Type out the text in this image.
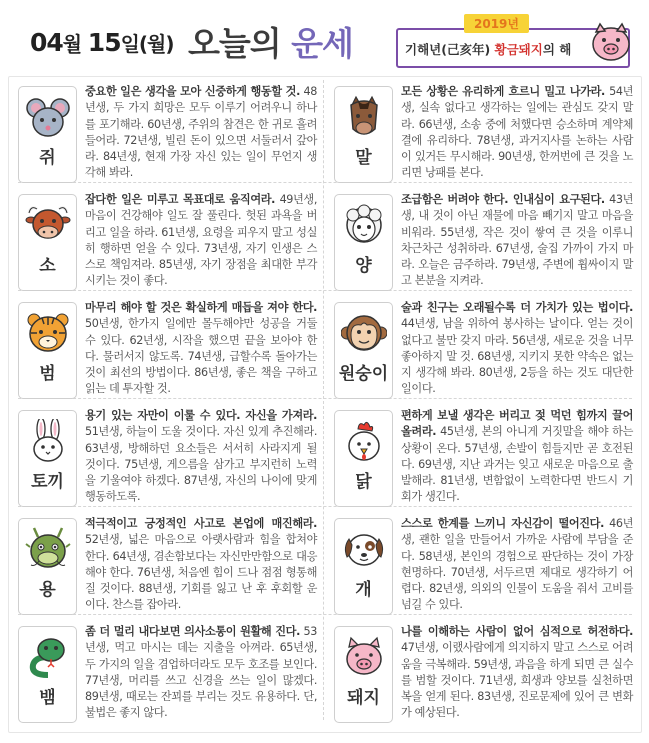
04월 15일(월) 오늘의 운세	2019년
기해년(己亥年) 황금돼지의 해
쥐
중요한 일은 생각을 모아 신중하게 행동할 것. 48년생, 두 가지 희망은 모두 이루기 어려우니 하나를 포기해라. 60년생, 주위의 참견은 한 귀로 흘려 들어라. 72년생, 빌린 돈이 있으면 서둘러서 갚아라. 84년생, 현재 가장 자신 있는 일이 무언지 생각해 봐라.
말
모든 상황은 유리하게 흐르니 밀고 나가라. 54년생, 실속 없다고 생각하는 일에는 관심도 갖지 말라. 66년생, 소송 중에 처했다면 승소하며 계약체결에 유리하다. 78년생, 과거지사를 논하는 사람이 있거든 무시해라. 90년생, 한꺼번에 큰 것을 노리면 낭패를 본다.
소
잡다한 일은 미루고 목표대로 움직여라. 49년생, 마음이 건강해야 일도 잘 풀린다. 헛된 과욕을 버리고 일을 하라. 61년생, 요령을 피우지 말고 성실히 행하면 얻을 수 있다. 73년생, 자기 인생은 스스로 책임져라. 85년생, 자기 장점을 최대한 부각시키는 것이 좋다.
양
조급함은 버려야 한다. 인내심이 요구된다. 43년생, 내 것이 아닌 재물에 마음 빼기지 말고 마음을 비워라. 55년생, 작은 것이 쌓여 큰 것을 이루니 차근차근 성취하라. 67년생, 술집 가까이 가지 마라. 오늘은 금주하라. 79년생, 주변에 휩싸이지 말고 본분을 지켜라.
범
마무리 해야 할 것은 확실하게 매듭을 져야 한다. 50년생, 한가지 일에만 몰두해야만 성공을 거둘 수 있다. 62년생, 시작을 했으면 끝을 보아야 한다. 물러서지 않도록. 74년생, 급할수록 돌아가는 것이 최선의 방법이다. 86년생, 좋은 책을 구하고 읽는 데 투자할 것.
원숭이
술과 친구는 오래될수록 더 가치가 있는 법이다. 44년생, 남을 위하여 봉사하는 날이다. 얻는 것이 없다고 불만 갖지 마라. 56년생, 새로운 것을 너무 좋아하지 말 것. 68년생, 지키지 못한 약속은 없는 지 생각해 봐라. 80년생, 2등을 하는 것도 대단한 일이다.
토끼
용기 있는 자만이 이룰 수 있다. 자신을 가져라. 51년생, 하늘이 도울 것이다. 자신 있게 추진해라. 63년생, 방해하던 요소들은 서서히 사라지게 될 것이다. 75년생, 게으름을 삼가고 부지런히 노력을 기울여야 하겠다. 87년생, 자신의 나이에 맞게 행동하도록.
닭
편하게 보낼 생각은 버리고 젖 먹던 힘까지 끌어 올려라. 45년생, 본의 아니게 거짓말을 해야 하는 상황이 온다. 57년생, 손발이 힘들지만 곧 호전된다. 69년생, 지난 과거는 잊고 새로운 마음으로 출발해라. 81년생, 변함없이 노력한다면 반드시 기회가 생긴다.
용
적극적이고 긍정적인 사고로 본업에 매진해라. 52년생, 넓은 마음으로 아랫사람과 힘을 합쳐야 한다. 64년생, 겸손함보다는 자신만만함으로 대응해야 한다. 76년생, 처음엔 힘이 드나 점점 형통해질 것이다. 88년생, 기회를 잃고 난 후 후회할 운이다. 찬스를 잡아라.
개
스스로 한계를 느끼니 자신감이 떨어진다. 46년생, 괜한 일을 만들어서 가까운 사람에 부담을 준다. 58년생, 본인의 경험으로 판단하는 것이 가장 현명하다. 70년생, 서두르면 제대로 생각하기 어렵다. 82년생, 의외의 인물이 도움을 줘서 고비를 넘길 수 있다.
뱀
좀 더 멀리 내다보면 의사소통이 원활해 진다. 53년생, 먹고 마시는 데는 지출을 아껴라. 65년생, 두 가지의 일을 겸업하더라도 모두 호조를 보인다. 77년생, 머리를 쓰고 신경을 쓰는 일이 많겠다. 89년생, 때로는 잔꾀를 부리는 것도 유용하다. 단, 불법은 좋지 않다.
돼지
나를 이해하는 사람이 없어 심적으로 허전하다. 47년생, 이랬사람에게 의지하지 말고 스스로 어려움을 극복해라. 59년생, 과음을 하게 되면 큰 실수를 범할 것이다. 71년생, 희생과 양보를 실천하면 복을 얻게 된다. 83년생, 진로문제에 있어 큰 변화가 예상된다.
